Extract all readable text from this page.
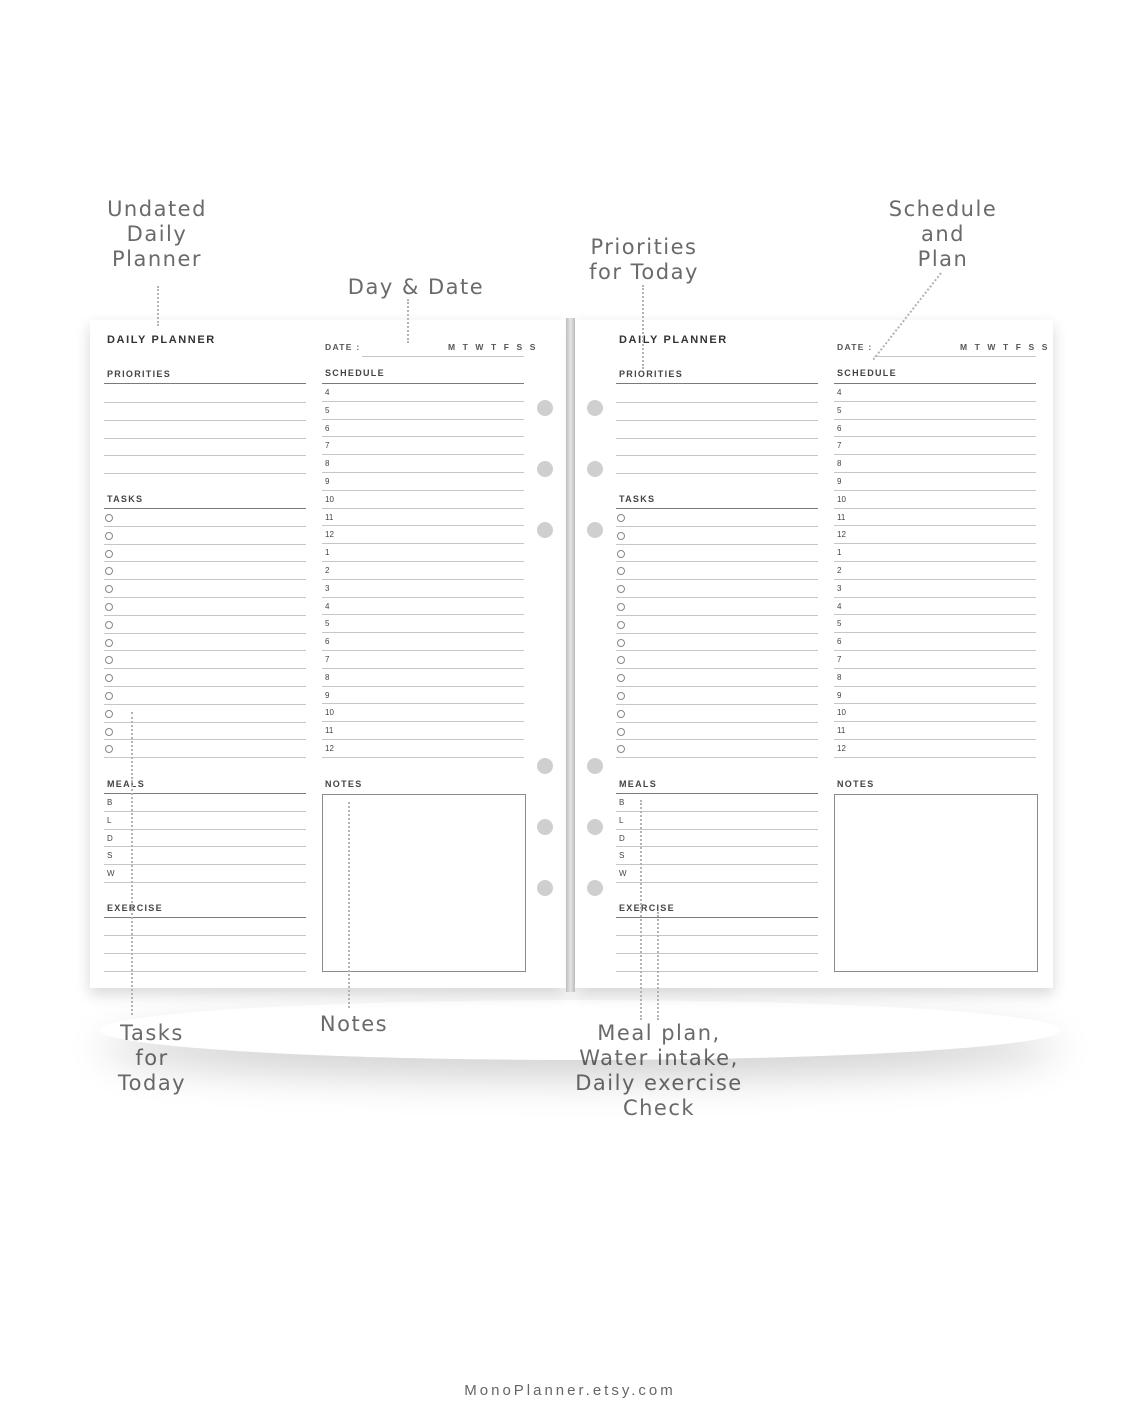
Undated
Daily
Planner
Day & Date
Priorities
for Today
Schedule
and
Plan
Tasks
for
Today
Notes	Meal plan,
Water intake,
Daily exercise
Check
DAILY PLANNER
PRIORITIES
TASKS
MEALS
B
L
D
S
W
EXERCISE
DATE :	M T W T F S S
SCHEDULE
4
5
6
7
8
9
10
11
12
1
2
3
4
5
6
7
8
9
10
11
12
NOTES
DAILY PLANNER
PRIORITIES
TASKS
MEALS
B
L
D
S
W
EXERCISE
DATE :	M T W T F S S
SCHEDULE
4
5
6
7
8
9
10
11
12
1
2
3
4
5
6
7
8
9
10
11
12
NOTES
MonoPlanner.etsy.com
